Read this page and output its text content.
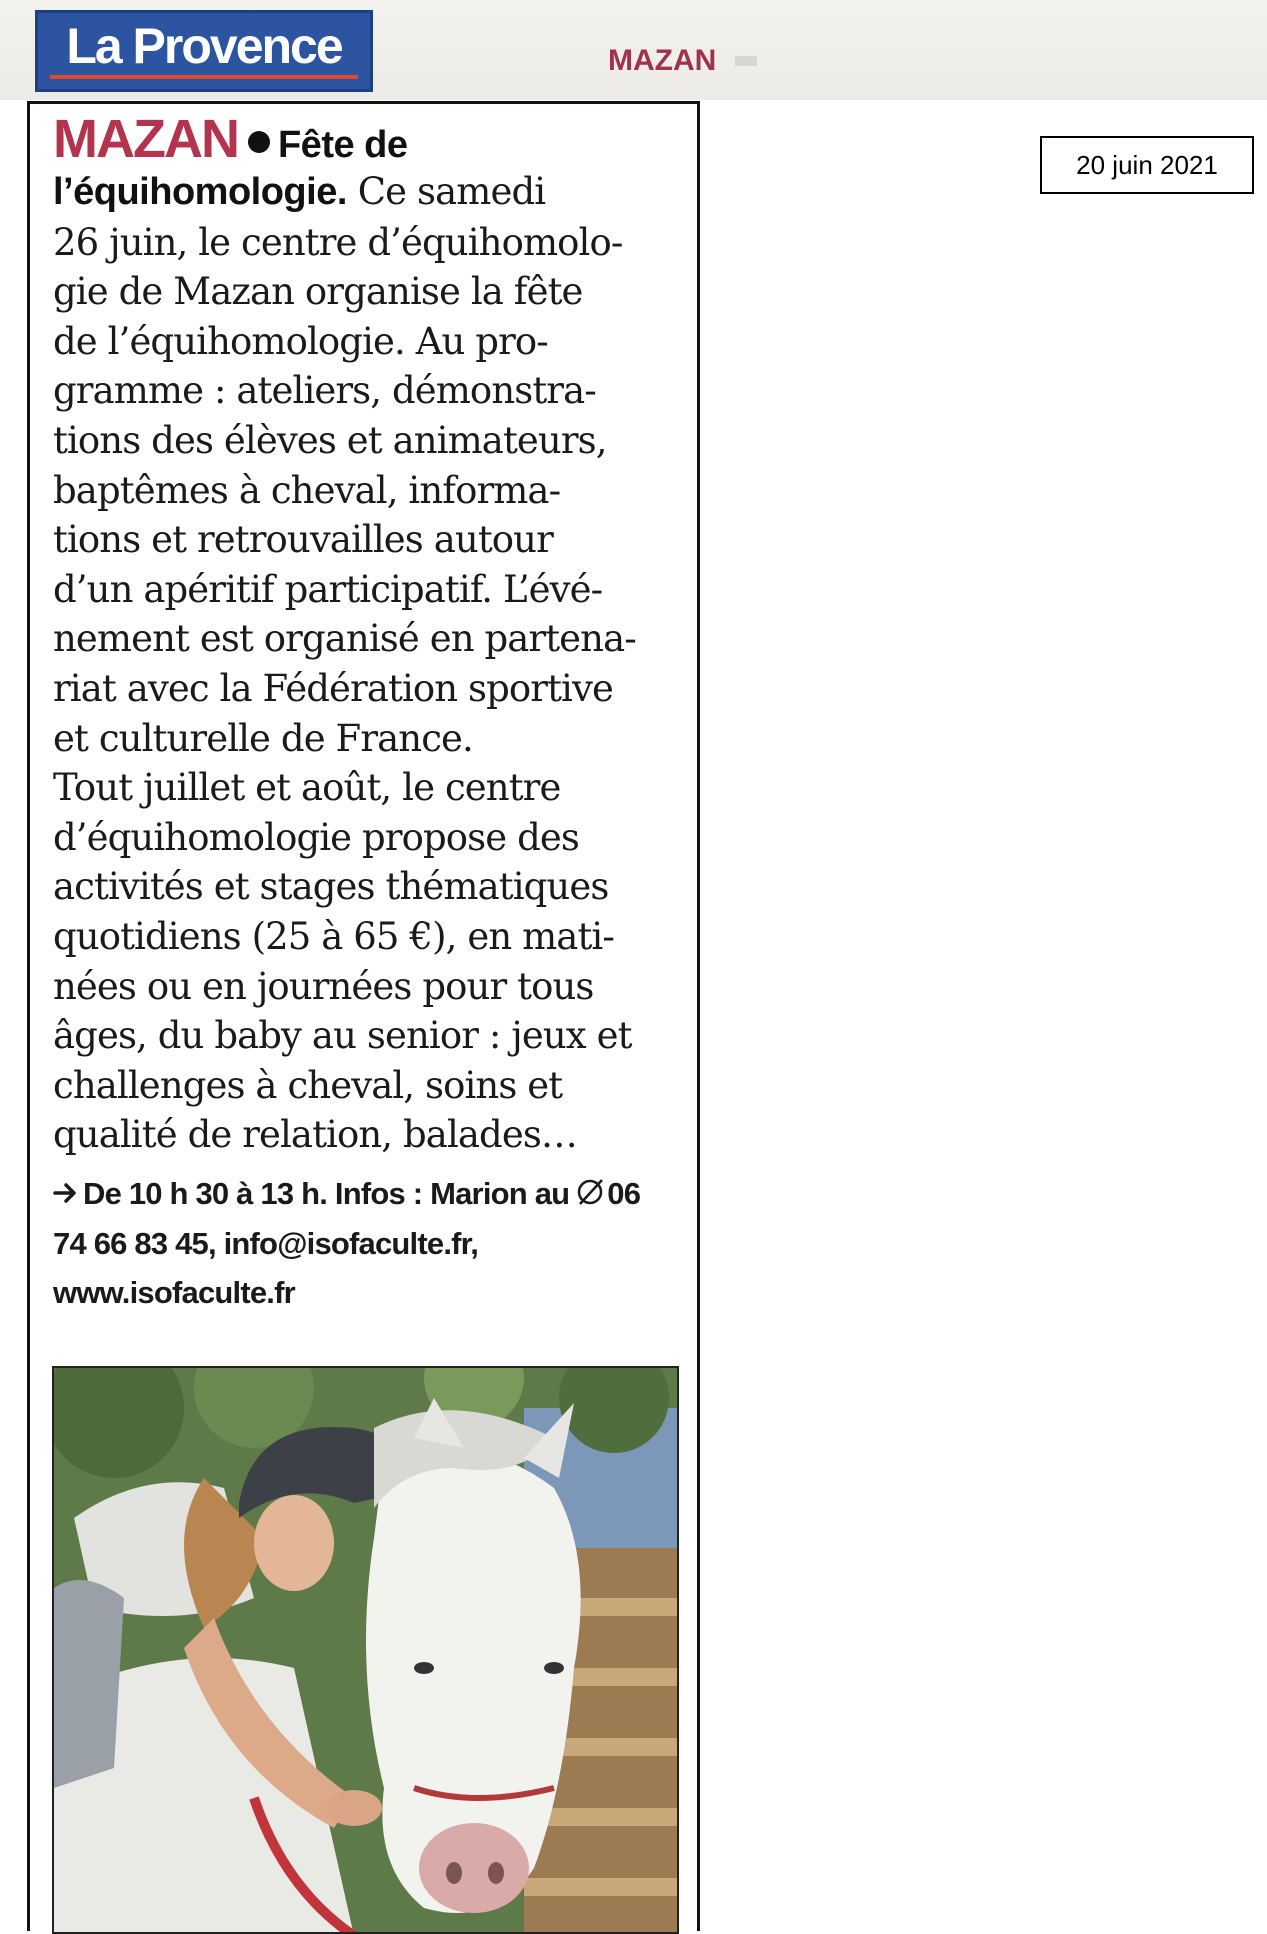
La Provence	MAZAN
20 juin 2021
MAZAN Fête de
l’équihomologie. Ce samedi
26 juin, le centre d’équihomolo-
gie de Mazan organise la fête
de l’équihomologie. Au pro-
gramme : ateliers, démonstra-
tions des élèves et animateurs,
baptêmes à cheval, informa-
tions et retrouvailles autour
d’un apéritif participatif. L’évé-
nement est organisé en partena-
riat avec la Fédération sportive
et culturelle de France.
Tout juillet et août, le centre
d’équihomologie propose des
activités et stages thématiques
quotidiens (25 à 65 €), en mati-
nées ou en journées pour tous
âges, du baby au senior : jeux et
challenges à cheval, soins et
qualité de relation, balades…
De 10 h 30 à 13 h. Infos : Marion au 06
74 66 83 45, info@isofaculte.fr,
www.isofaculte.fr
